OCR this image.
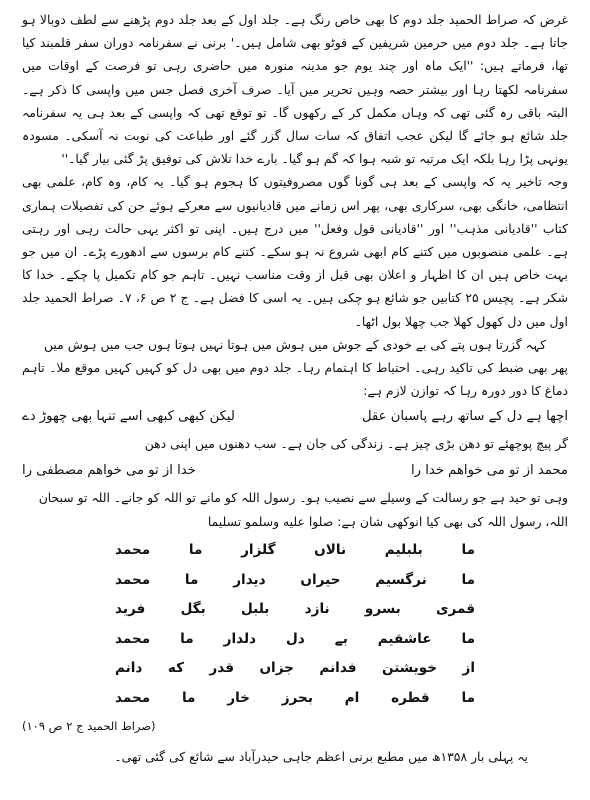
غرض کہ صراط الحمید جلد دوم کا بھی خاص رنگ ہے۔ جلد اول کے بعد جلد دوم پڑھنے سے لطف دوبالا ہو جاتا ہے۔ جلد دوم میں حرمین شریفین کے فوٹو بھی شامل ہیں۔' برنی نے سفرنامہ دوران سفر قلمبند کیا تھا، فرماتے ہیں: ''ایک ماہ اور چند یوم جو مدینہ منورہ میں حاضری رہی تو فرصت کے اوقات میں سفرنامہ لکھتا رہا اور بیشتر حصہ وہیں تحریر میں آیا۔ صرف آخری فصل جس میں واپسی کا ذکر ہے۔ البتہ باقی رہ گئی تھی کہ وہاں مکمل کر کے رکھوں گا۔ تو توقع تھی کہ واپسی کے بعد ہی یہ سفرنامہ جلد شائع ہو جائے گا لیکن عجب اتفاق کہ سات سال گزر گئے اور طباعت کی نوبت نہ آسکی۔ مسودہ یونہی پڑا رہا بلکہ ایک مرتبہ تو شبہ ہوا کہ گم ہو گیا۔ بارے خدا تلاش کی توفیق پڑ گئی بیار گیا۔''

وجہ تاخیر یہ کہ واپسی کے بعد ہی گونا گوں مصروفیتوں کا ہجوم ہو گیا۔ یہ کام، وہ کام، علمی بھی انتظامی، خانگی بھی، سرکاری بھی، پھر اس زمانے میں قادیانیوں سے معرکے ہوئے جن کی تفصیلات ہماری کتاب ''قادیانی مذہب'' اور ''قادیانی قول وفعل'' میں درج ہیں۔ اپنی تو اکثر یہی حالت رہی اور رہتی ہے۔ علمی منصوبوں میں کتنے کام ابھی شروع نہ ہو سکے۔ کتنے کام برسوں سے ادھورے پڑے۔ ان میں جو بہت خاص ہیں ان کا اظہار و اعلان بھی قبل از وقت مناسب نہیں۔ تاہم جو کام تکمیل پا چکے۔ خدا کا شکر ہے۔ پچیس ۲۵ کتابیں جو شائع ہو چکی ہیں۔ یہ اسی کا فضل ہے۔ ج ۲ ص ۶، ۷۔ صراط الحمید جلد اول میں دل کھول کھلا جب چھلا بول اٹھا۔

کہہ گزرتا ہوں پتے کی بے خودی کے جوش میں ہوش میں ہوتا نہیں ہوتا ہوں جب میں ہوش میں

پھر بھی ضبط کی تاکید رہی۔ احتیاط کا اہتمام رہا۔ جلد دوم میں بھی دل کو کہیں کہیں موقع ملا۔ تاہم دماغ کا دور دورہ رہا کہ توازن لازم ہے:

اچھا ہے دل کے ساتھ رہے پاسبان عقل
لیکن کبھی کبھی اسے تنہا بھی چھوڑ دے

گر پیچ پوچھئے تو دھن بڑی چیز ہے۔ زندگی کی جان ہے۔ سب دھنوں میں اپنی دھن

محمد از تو می خواهم خدا را
خدا از تو می خواهم مصطفی را

وہی تو حید ہے جو رسالت کے وسیلے سے نصیب ہو۔ رسول اللہ کو مانے تو اللہ کو جانے۔ اللہ تو سبحان اللہ، رسول اللہ کی بھی کیا انوکھی شان ہے: صلوا علیه وسلمو تسلیما

ما بلبلیم نالاں گلزار ما محمد
ما نرگسیم حیراں دیدار ما محمد
قمری بسرو نازد بلبل بگل فرید
ما عاشقیم بے دل دلدار ما محمد
از خویشتن فدانم جزاں قدر که دانم
ما قطره ام بحرز خار ما محمد

(صراط الحمید ج ۲ ص ۱۰۹)

یہ پہلی بار ۱۳۵۸ھ میں مطبع برنی اعظم جاہی حیدرآباد سے شائع کی گئی تھی۔
